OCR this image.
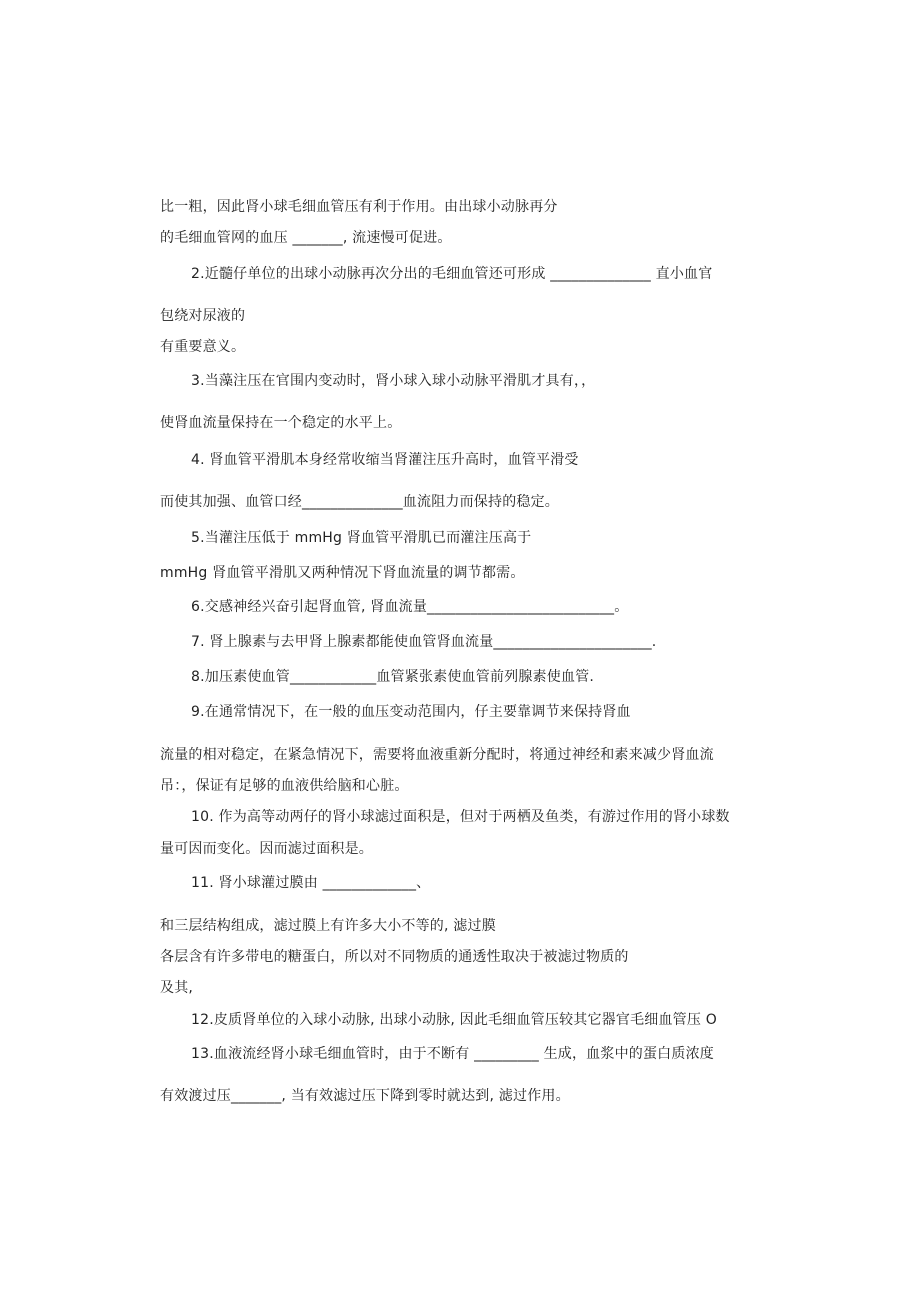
比一粗，因此肾小球毛细血管压有利于作用。由出球小动脉再分
的毛细血管网的血压 _______, 流速慢可促进。
2.近髓仔单位的出球小动脉再次分出的毛细血管还可形成 ______________ 直小血官
包绕对尿液的
有重要意义。
3.当藻注压在官围内变动时，肾小球入球小动脉平滑肌才具有，，
使肾血流量保持在一个稳定的水平上。
4. 肾血管平滑肌本身经常收缩当肾灌注压升高时，血管平滑受
而使其加强、血管口经______________血流阻力而保持的稳定。
5.当灌注压低于 mmHg 肾血管平滑肌已而灌注压高于
mmHg 肾血管平滑肌又两种情况下肾血流量的调节都需。
6.交感神经兴奋引起肾血管, 肾血流量__________________________。
7. 肾上腺素与去甲肾上腺素都能使血管肾血流量______________________.
8.加压素使血管____________血管紧张素使血管前列腺素使血管.
9.在通常情况下，在一般的血压变动范围内，仔主要靠调节来保持肾血
流量的相对稳定，在紧急情况下，需要将血液重新分配时，将通过神经和素来减少肾血流
吊：，保证有足够的血液供给脑和心脏。
10. 作为高等动两仔的肾小球滤过面积是，但对于两栖及鱼类，有游过作用的肾小球数
量可因而变化。因而滤过面积是。
11. 肾小球灌过膜由 _____________、
和三层结构组成，滤过膜上有许多大小不等的, 滤过膜
各层含有许多带电的糖蛋白，所以对不同物质的通透性取决于被滤过物质的
及其,
12.皮质肾单位的入球小动脉, 出球小动脉, 因此毛细血管压较其它器官毛细血管压 O
13.血液流经肾小球毛细血管时，由于不断有 _________ 生成，血浆中的蛋白质浓度
有效渡过压_______, 当有效滤过压下降到零时就达到, 滤过作用。
